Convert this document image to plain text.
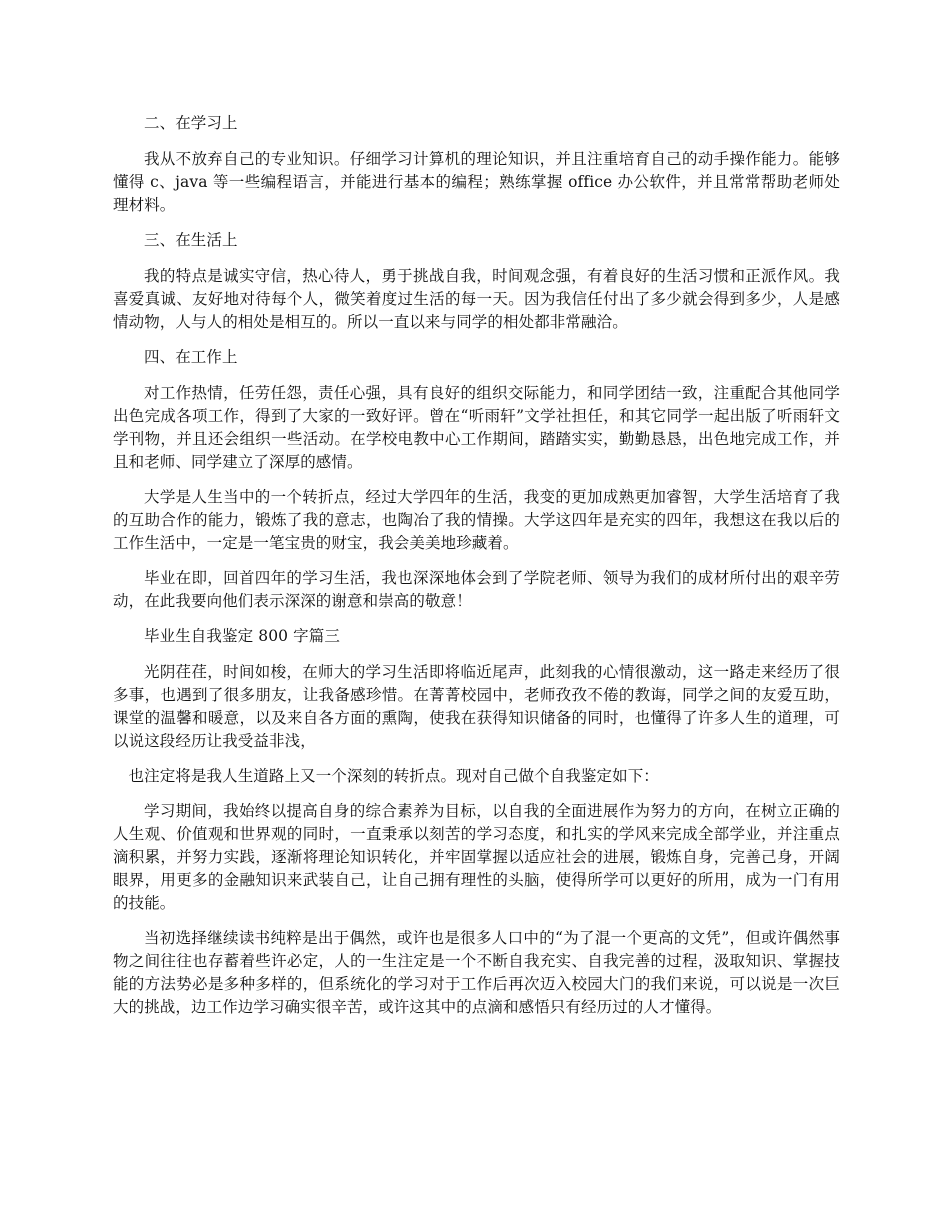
二、在学习上

我从不放弃自己的专业知识。仔细学习计算机的理论知识，并且注重培育自己的动手操作能力。能够懂得 c、java 等一些编程语言，并能进行基本的编程；熟练掌握 office 办公软件，并且常常帮助老师处理材料。

三、在生活上

我的特点是诚实守信，热心待人，勇于挑战自我，时间观念强，有着良好的生活习惯和正派作风。我喜爱真诚、友好地对待每个人，微笑着度过生活的每一天。因为我信任付出了多少就会得到多少，人是感情动物，人与人的相处是相互的。所以一直以来与同学的相处都非常融洽。

四、在工作上

对工作热情，任劳任怨，责任心强，具有良好的组织交际能力，和同学团结一致，注重配合其他同学出色完成各项工作，得到了大家的一致好评。曾在“听雨轩”文学社担任，和其它同学一起出版了听雨轩文学刊物，并且还会组织一些活动。在学校电教中心工作期间，踏踏实实，勤勤恳恳，出色地完成工作，并且和老师、同学建立了深厚的感情。

大学是人生当中的一个转折点，经过大学四年的生活，我变的更加成熟更加睿智，大学生活培育了我的互助合作的能力，锻炼了我的意志，也陶冶了我的情操。大学这四年是充实的四年，我想这在我以后的工作生活中，一定是一笔宝贵的财宝，我会美美地珍藏着。

毕业在即，回首四年的学习生活，我也深深地体会到了学院老师、领导为我们的成材所付出的艰辛劳动，在此我要向他们表示深深的谢意和崇高的敬意！

毕业生自我鉴定 800 字篇三

光阴荏荏，时间如梭，在师大的学习生活即将临近尾声，此刻我的心情很激动，这一路走来经历了很多事，也遇到了很多朋友，让我备感珍惜。在菁菁校园中，老师孜孜不倦的教诲，同学之间的友爱互助，课堂的温馨和暖意，以及来自各方面的熏陶，使我在获得知识储备的同时，也懂得了许多人生的道理，可以说这段经历让我受益非浅，

也注定将是我人生道路上又一个深刻的转折点。现对自己做个自我鉴定如下：

学习期间，我始终以提高自身的综合素养为目标，以自我的全面进展作为努力的方向，在树立正确的人生观、价值观和世界观的同时，一直秉承以刻苦的学习态度，和扎实的学风来完成全部学业，并注重点滴积累，并努力实践，逐渐将理论知识转化，并牢固掌握以适应社会的进展，锻炼自身，完善己身，开阔眼界，用更多的金融知识来武装自己，让自己拥有理性的头脑，使得所学可以更好的所用，成为一门有用的技能。

当初选择继续读书纯粹是出于偶然，或许也是很多人口中的“为了混一个更高的文凭”，但或许偶然事物之间往往也存蓄着些许必定，人的一生注定是一个不断自我充实、自我完善的过程，汲取知识、掌握技能的方法势必是多种多样的，但系统化的学习对于工作后再次迈入校园大门的我们来说，可以说是一次巨大的挑战，边工作边学习确实很辛苦，或许这其中的点滴和感悟只有经历过的人才懂得。
